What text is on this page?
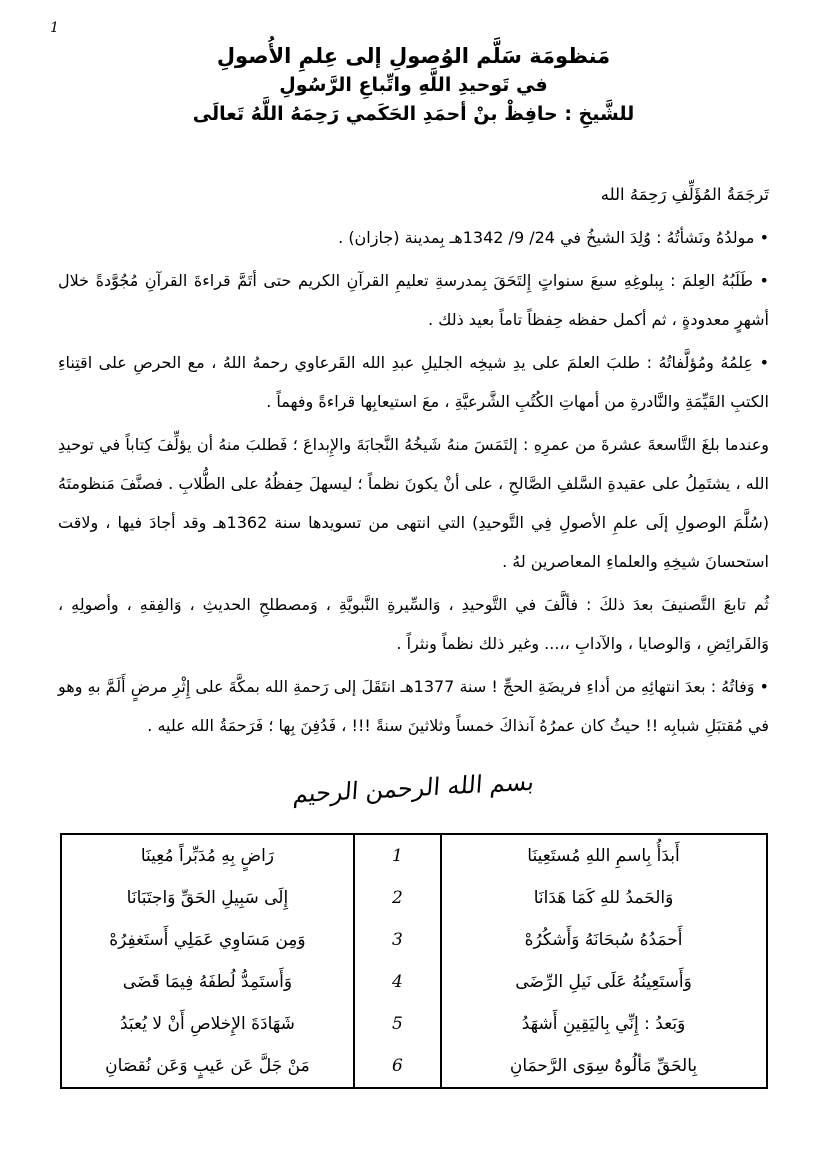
1
مَنظومَة سَلَّم الوُصولِ إلى عِلمِ الأُصولِ
في تَوحيدِ اللَّهِ واتِّباعِ الرَّسُولِ
للشَّيخِ : حافِظْ بنْ أحمَدِ الحَكَمي رَحِمَهُ اللَّهُ تَعالَى
تَرجَمَةُ المُؤَلِّفِ رَحِمَهُ الله

• مولدُهُ ونَشأتُهُ : وُلِدَ الشيخُ في 24/ 9/ 1342هـ بِمدينة (جازان) .

• طَلَبُهُ العِلمَ : بِبلوغِهِ سبعَ سنواتٍ إِلتَحَقَ بِمدرسةِ تعليمِ القرآنِ الكريم حتى أتَمَّ قراءةَ القرآنِ مُجُوَّدةً خلال أشهرٍ معدودةٍ ، ثم أكمل حفظه حِفظاً تاماً بعيد ذلك .

• عِلمُهُ ومُؤلَّفاتُهُ : طلبَ العلمَ على يدِ شيخِه الجليلِ عبدِ الله القَرعاوي رحمهُ اللهُ ، مع الحرصِ على اقتِناءِ الكتبِ القَيِّمَةِ والنَّادرةِ من أمهاتِ الكُتُبِ الشَّرعيَّةِ ، معَ استيعابِها قراءةً وفهماً .

وعندما بلغَ التَّاسعةَ عشرةَ من عمرِهِ : إلتَمَسَ منهُ شَيخُهُ النَّجابَةَ والإِبداعَ ؛ فَطلبَ منهُ أن يؤلِّفَ كِتاباً في توحيدِ الله ، يشتَمِلُ على عقيدةِ السَّلفِ الصَّالحِ ، على أنْ يكونَ نظماً ؛ ليسهلَ حِفظُهُ على الطُّلابِ . فصنَّفَ مَنظومتَهُ (سُلَّمَ الوصولِ إلَى علمِ الأصولِ فِي التَّوحيدِ) التي انتهى من تسويدها سنة 1362هـ وقد أجادَ فيها ، ولاقت استحسانَ شيخِهِ والعلماءِ المعاصرين لهُ .

ثُم تابعَ التَّصنيفَ بعدَ ذلكَ : فألَّفَ في التَّوحيدِ ، وَالسِّيرةِ النَّبويَّةِ ، وَمصطلحِ الحديثِ ، وَالفِقهِ ، وأصولِهِ ، وَالفَرائِضِ ، وَالوصايا ، والآدابِ ،،... وغير ذلك نظماً ونثراً .

• وَفاتُهُ : بعدَ انتهائِهِ من أداءِ فريضَةِ الحجِّ ! سنة 1377هـ انتَقَلَ إلى رَحمةِ الله بمكَّةَ على إِثْرِ مرضٍ أَلَمَّ بهِ وهو في مُقتبَلِ شبابِه !! حيثُ كان عمرُهُ آنذاكَ خمساً وثلاثينَ سنةً !!! ، فَدُفِنَ بِها ؛ فَرَحمَةُ الله عليه .

بسم الله الرحمن الرحيم
أَبدَأُ بِاسمِ اللهِ مُستَعِينَا	1	رَاضٍ بِهِ مُدَبِّراً مُعِينَا
وَالحَمدُ للهِ كَمَا هَدَانَا	2	إِلَى سَبِيلِ الحَقِّ وَاجتَبَانَا
أَحمَدُهُ سُبحَانَهُ وَأَشكُرُهْ	3	وَمِن مَسَاوِي عَمَلِي أَستَغفِرُهْ
وَأَستَعِينُهُ عَلَى نَيلِ الرِّضَى	4	وَأَستَمِدُّ لُطفَهُ فِيمَا قَضَى
وَبَعدُ : إِنِّي بِاليَقِينِ أَشهَدُ	5	شَهَادَةَ الإِخلاصِ أَنْ لا يُعبَدُ
بِالحَقِّ مَألُوهٌ سِوَى الرَّحمَانِ	6	مَنْ جَلَّ عَن عَيبٍ وَعَن نُقصَانِ
